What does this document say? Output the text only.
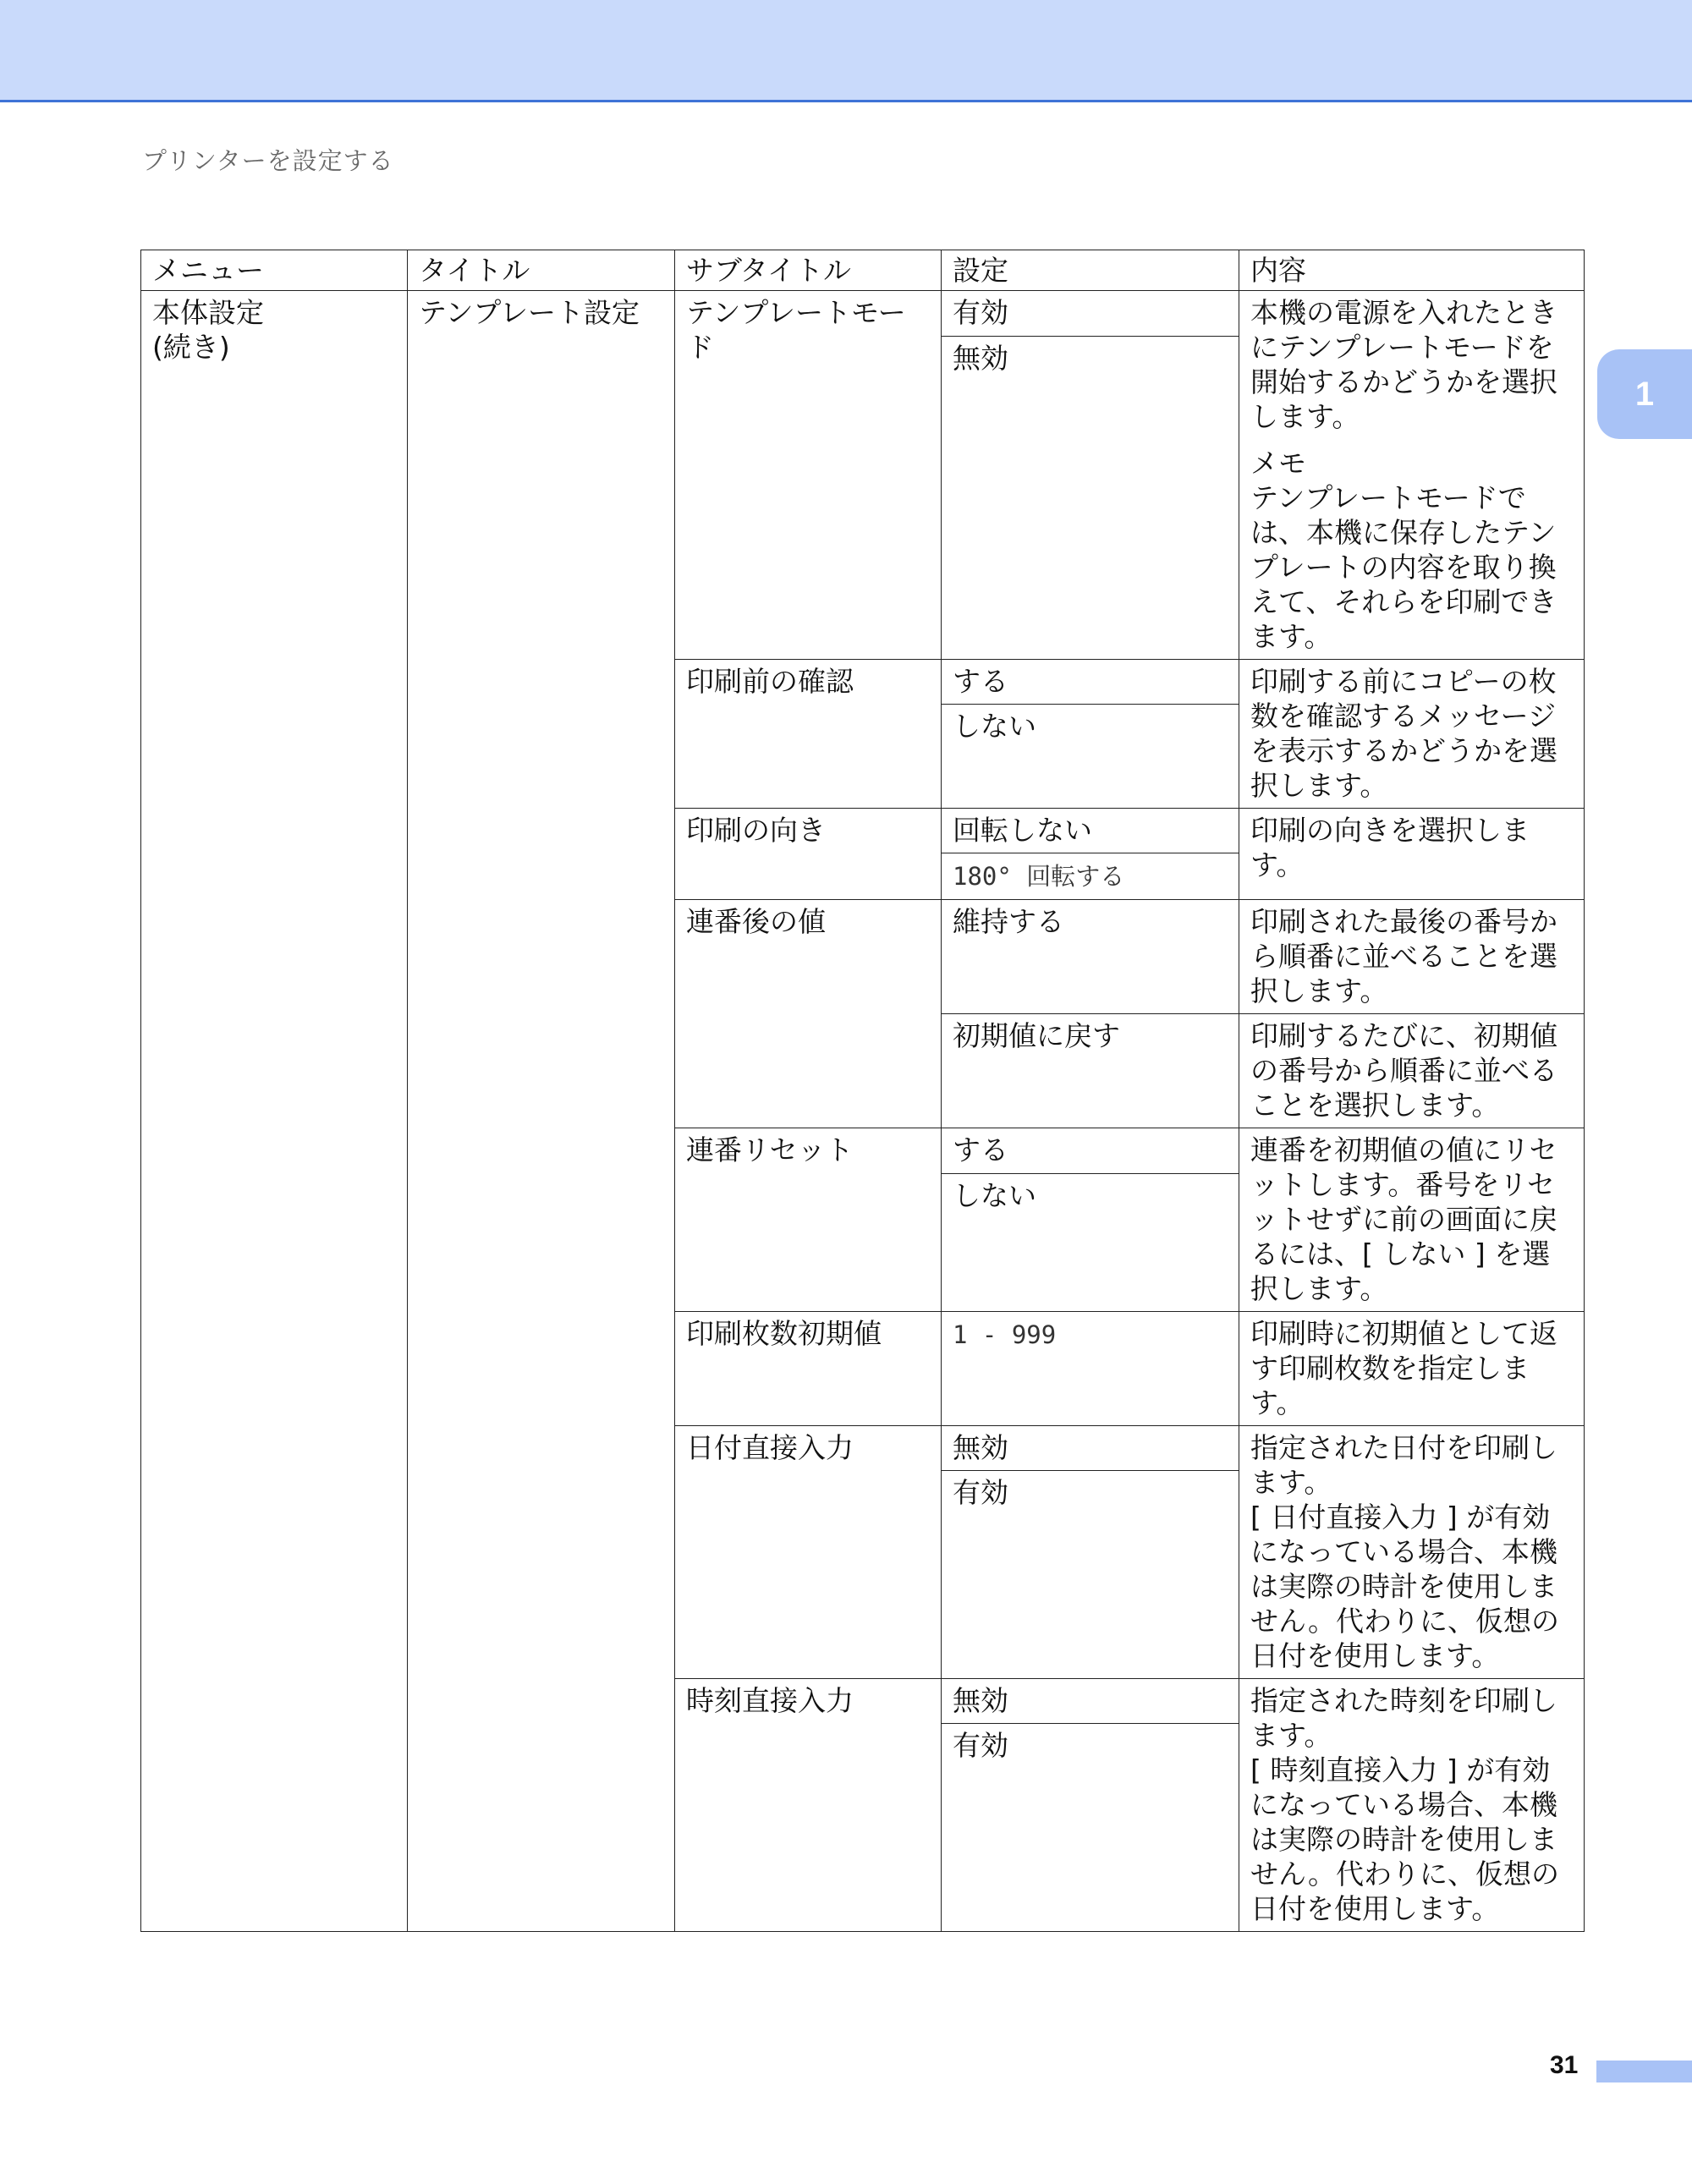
プリンターを設定する
1
メニュー	タイトル	サブタイトル	設定	内容

本体設定
(続き)	テンプレート設定	テンプレートモード	有効	本機の電源を入れたときにテンプレートモードを開始するかどうかを選択します。
メモ
テンプレートモードでは、本機に保存したテンプレートの内容を取り換えて、それらを印刷できます。

			無効	
		印刷前の確認	する	印刷する前にコピーの枚数を確認するメッセージを表示するかどうかを選択します。
			しない	
		印刷の向き	回転しない	印刷の向きを選択します。
			180° 回転する	
		連番後の値	維持する	印刷された最後の番号から順番に並べることを選択します。
			初期値に戻す	印刷するたびに、初期値の番号から順番に並べることを選択します。
		連番リセット	する	連番を初期値の値にリセットします。番号をリセットせずに前の画面に戻るには、[ しない ] を選択します。
			しない	
		印刷枚数初期値	1 - 999	印刷時に初期値として返す印刷枚数を指定します。
		日付直接入力	無効	指定された日付を印刷します。
[ 日付直接入力 ] が有効になっている場合、本機は実際の時計を使用しません。代わりに、仮想の日付を使用します。

			有効	
		時刻直接入力	無効	指定された時刻を印刷します。
[ 時刻直接入力 ] が有効になっている場合、本機は実際の時計を使用しません。代わりに、仮想の日付を使用します。

			有効	
31
